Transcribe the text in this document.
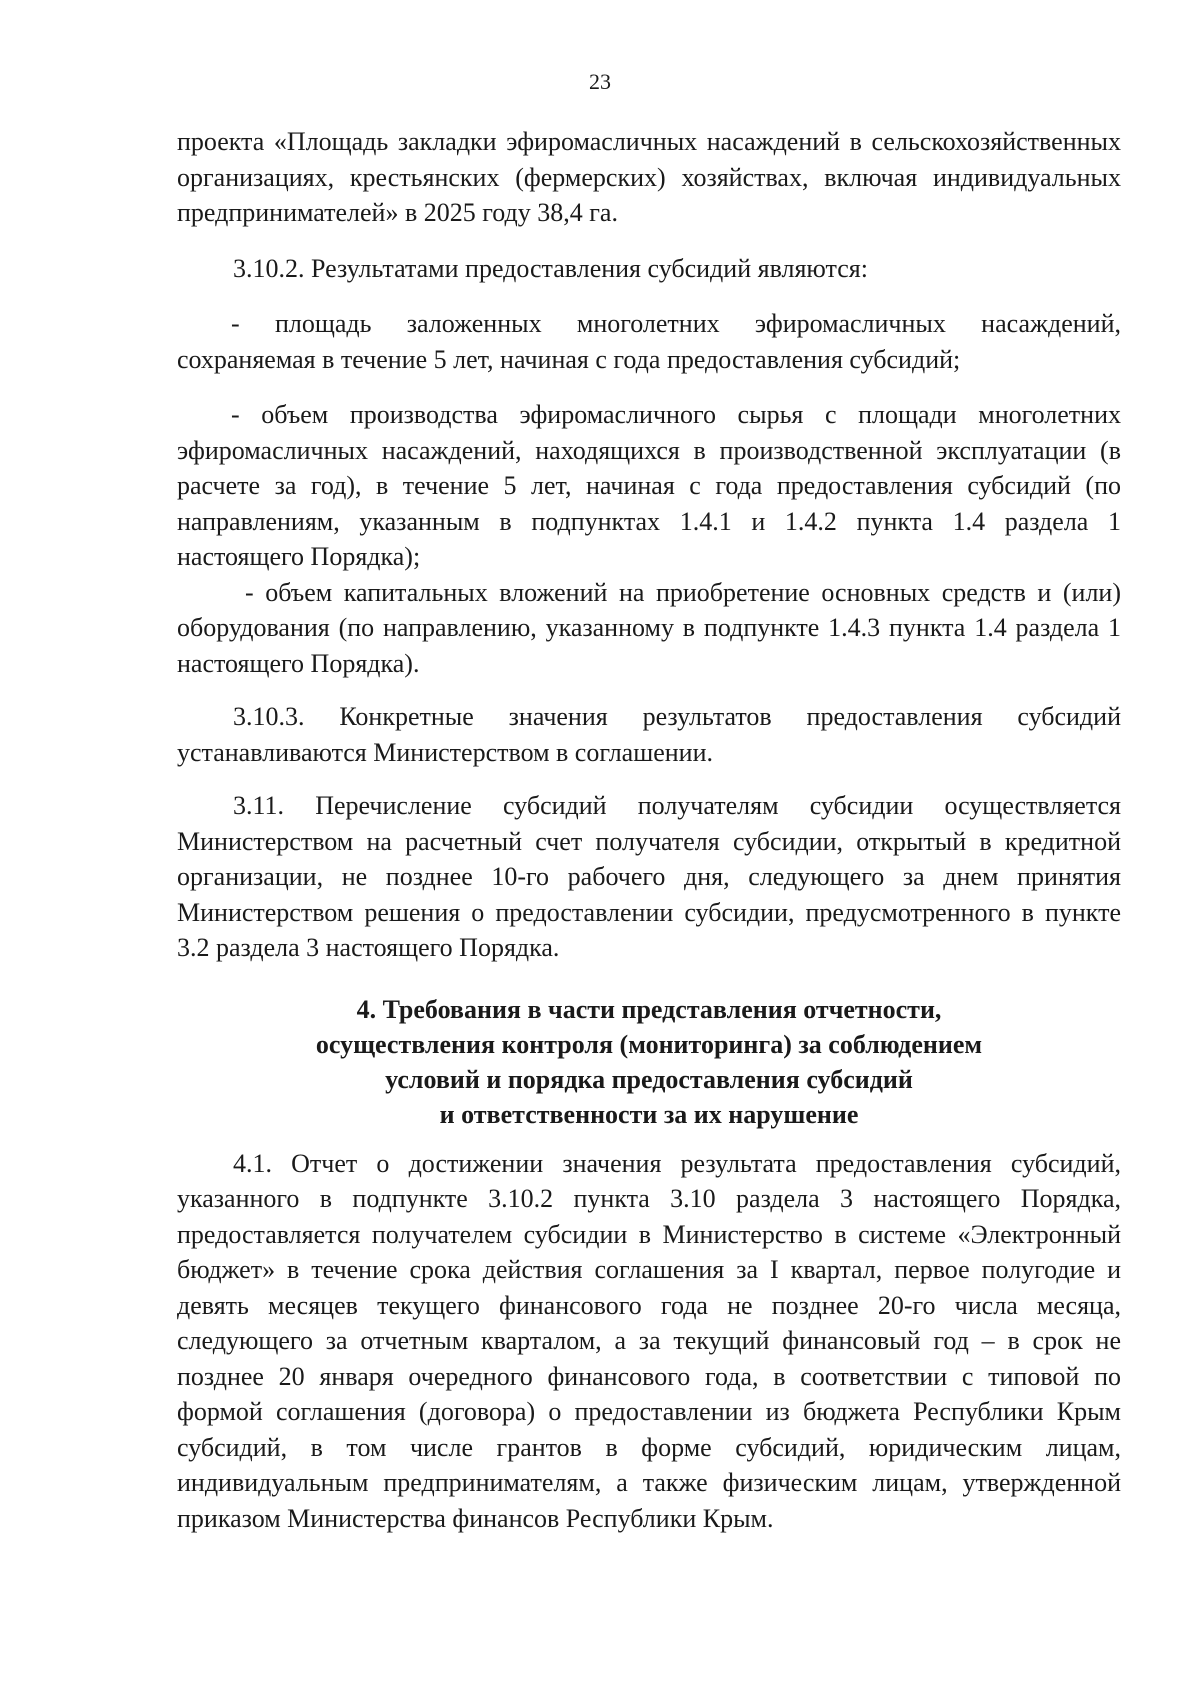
23

проекта «Площадь закладки эфиромасличных насаждений в сельскохозяйственных организациях, крестьянских (фермерских) хозяйствах, включая индивидуальных предпринимателей» в 2025 году 38,4 га.

3.10.2. Результатами предоставления субсидий являются:

- площадь заложенных многолетних эфиромасличных насаждений, сохраняемая в течение 5 лет, начиная с года предоставления субсидий;

- объем производства эфиромасличного сырья с площади многолетних эфиромасличных насаждений, находящихся в производственной эксплуатации (в расчете за год), в течение 5 лет, начиная с года предоставления субсидий (по направлениям, указанным в подпунктах 1.4.1 и 1.4.2 пункта 1.4 раздела 1 настоящего Порядка);

- объем капитальных вложений на приобретение основных средств и (или) оборудования (по направлению, указанному в подпункте 1.4.3 пункта 1.4 раздела 1 настоящего Порядка).

3.10.3. Конкретные значения результатов предоставления субсидий устанавливаются Министерством в соглашении.

3.11. Перечисление субсидий получателям субсидии осуществляется Министерством на расчетный счет получателя субсидии, открытый в кредитной организации, не позднее 10-го рабочего дня, следующего за днем принятия Министерством решения о предоставлении субсидии, предусмотренного в пункте 3.2 раздела 3 настоящего Порядка.

4. Требования в части представления отчетности,
осуществления контроля (мониторинга) за соблюдением
условий и порядка предоставления субсидий
и ответственности за их нарушение

4.1. Отчет о достижении значения результата предоставления субсидий, указанного в подпункте 3.10.2 пункта 3.10 раздела 3 настоящего Порядка, предоставляется получателем субсидии в Министерство в системе «Электронный бюджет» в течение срока действия соглашения за I квартал, первое полугодие и девять месяцев текущего финансового года не позднее 20-го числа месяца, следующего за отчетным кварталом, а за текущий финансовый год – в срок не позднее 20 января очередного финансового года, в соответствии с типовой по формой соглашения (договора) о предоставлении из бюджета Республики Крым субсидий, в том числе грантов в форме субсидий, юридическим лицам, индивидуальным предпринимателям, а также физическим лицам, утвержденной приказом Министерства финансов Республики Крым.
